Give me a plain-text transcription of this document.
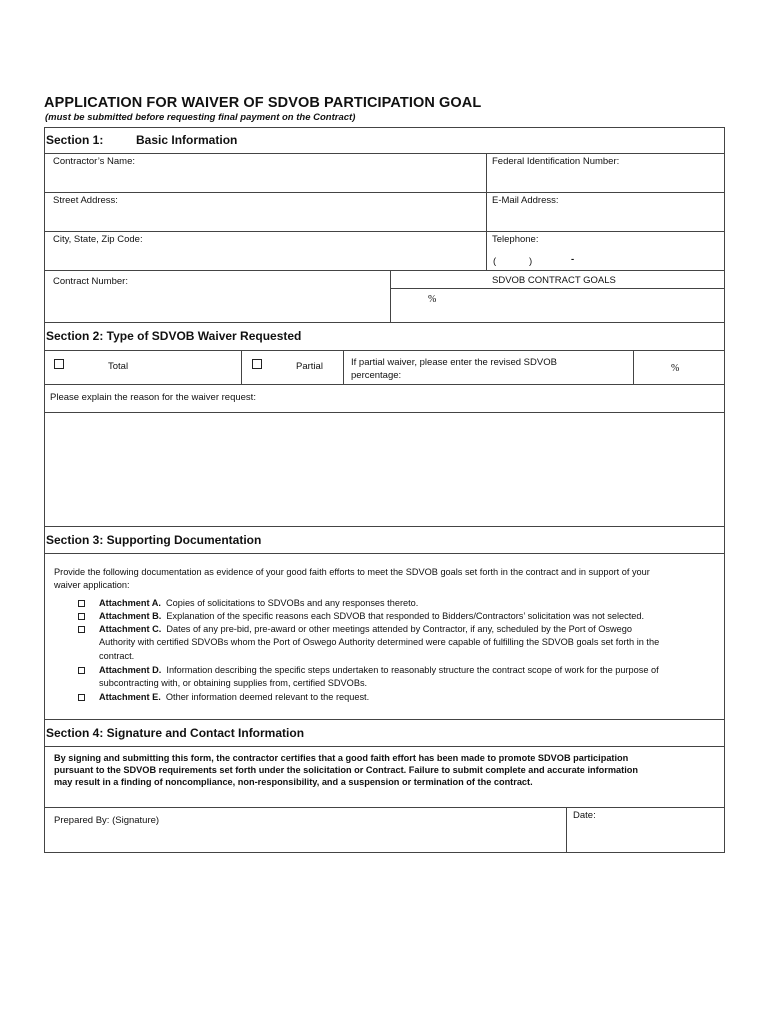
APPLICATION FOR WAIVER OF SDVOB PARTICIPATION GOAL
(must be submitted before requesting final payment on the Contract)
Section 1:	Basic Information
Contractor’s Name:	Federal Identification Number:
Street Address:	E-Mail Address:
City, State, Zip Code:	Telephone:
(	)	-
Contract Number:	SDVOB CONTRACT GOALS
%
Section 2: Type of SDVOB Waiver Requested
Total	Partial	If partial waiver, please enter the revised SDVOB
percentage:
%
Please explain the reason for the waiver request:
Section 3: Supporting Documentation
Provide the following documentation as evidence of your good faith efforts to meet the SDVOB goals set forth in the contract and in support of your
waiver application:
Attachment A. Copies of solicitations to SDVOBs and any responses thereto.
Attachment B. Explanation of the specific reasons each SDVOB that responded to Bidders/Contractors’ solicitation was not selected.
Attachment C. Dates of any pre-bid, pre-award or other meetings attended by Contractor, if any, scheduled by the Port of Oswego
Authority with certified SDVOBs whom the Port of Oswego Authority determined were capable of fulfilling the SDVOB goals set forth in the
contract.
Attachment D. Information describing the specific steps undertaken to reasonably structure the contract scope of work for the purpose of
subcontracting with, or obtaining supplies from, certified SDVOBs.
Attachment E. Other information deemed relevant to the request.
Section 4: Signature and Contact Information
By signing and submitting this form, the contractor certifies that a good faith effort has been made to promote SDVOB participation
pursuant to the SDVOB requirements set forth under the solicitation or Contract. Failure to submit complete and accurate information
may result in a finding of noncompliance, non-responsibility, and a suspension or termination of the contract.
Prepared By: (Signature)	Date:
